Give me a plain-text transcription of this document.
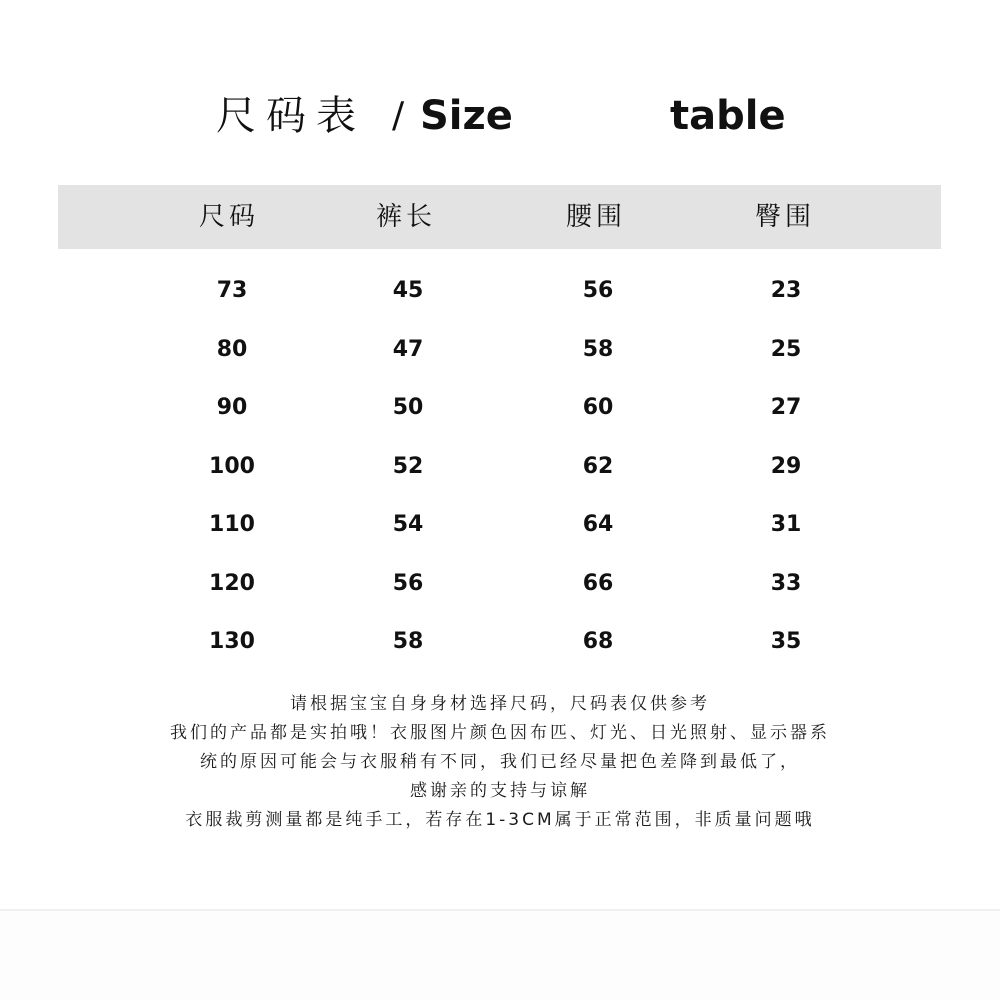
尺码表 / Size	table
尺码	裤长	腰围	臀围
73	45	56	23
80	47	58	25
90	50	60	27
100	52	62	29
110	54	64	31
120	56	66	33
130	58	68	35
请根据宝宝自身身材选择尺码，尺码表仅供参考
我们的产品都是实拍哦！衣服图片颜色因布匹、灯光、日光照射、显示器系
统的原因可能会与衣服稍有不同，我们已经尽量把色差降到最低了，
感谢亲的支持与谅解
衣服裁剪测量都是纯手工，若存在1-3CM属于正常范围，非质量问题哦
